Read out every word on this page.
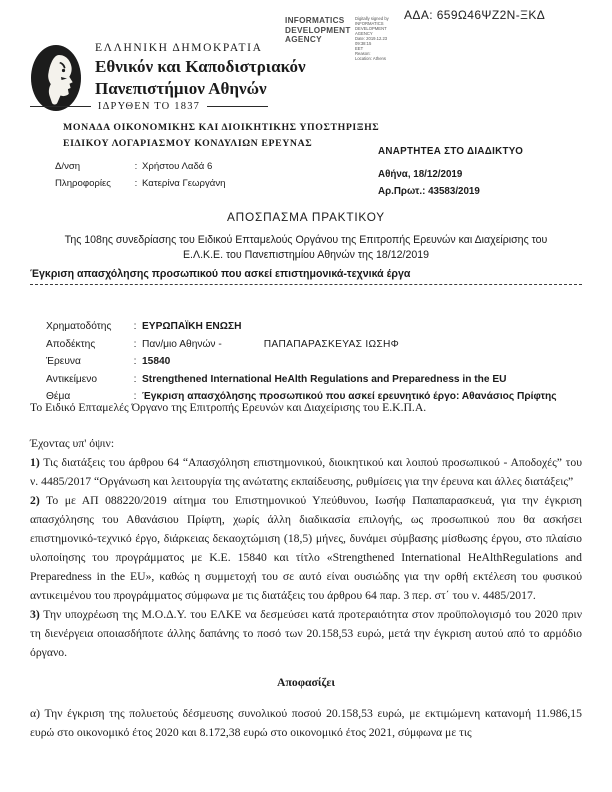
ΑΔΑ: 659Ω46ΨΖ2Ν-ΞΚΔ
INFORMATICS DEVELOPMENT AGENCY
Digitally signed by
INFORMATICS
DEVELOPMENT AGENCY
Date: 2019.12.23 09:38:15
EET
Reason:
Location: Athens
ΕΛΛΗΝΙΚΗ ΔΗΜΟΚΡΑΤΙΑ
Εθνικόν και Καποδιστριακόν
Πανεπιστήμιον Αθηνών
ΙΔΡΥΘΕΝ ΤΟ 1837
ΜΟΝΑΔΑ ΟΙΚΟΝΟΜΙΚΗΣ ΚΑΙ ΔΙΟΙΚΗΤΙΚΗΣ ΥΠΟΣΤΗΡΙΞΗΣ
ΕΙΔΙΚΟΥ ΛΟΓΑΡΙΑΣΜΟΥ ΚΟΝΔΥΛΙΩΝ ΕΡΕΥΝΑΣ
Δ/νση	: Χρήστου Λαδά 6
Πληροφορίες	: Κατερίνα Γεωργάνη
ΑΝΑΡΤΗΤΕΑ ΣΤΟ ΔΙΑΔΙΚΤΥΟ
Αθήνα, 18/12/2019
Αρ.Πρωτ.: 43583/2019
ΑΠΟΣΠΑΣΜΑ ΠΡΑΚΤΙΚΟΥ
Της 108ης συνεδρίασης του Ειδικού Επταμελούς Οργάνου της Επιτροπής Ερευνών και Διαχείρισης του Ε.Λ.Κ.Ε. του Πανεπιστημίου Αθηνών της 18/12/2019
Έγκριση απασχόλησης προσωπικού που ασκεί επιστημονικά-τεχνικά έργα
Χρηματοδότης	: ΕΥΡΩΠΑΪΚΗ ΕΝΩΣΗ
Αποδέκτης	: Παν/μιο Αθηνών -	ΠΑΠΑΠΑΡΑΣΚΕΥΑΣ ΙΩΣΗΦ
Έρευνα	: 15840
Αντικείμενο	: Strengthened International HeAlth Regulations and Preparedness in the EU
Θέμα	: Έγκριση απασχόλησης προσωπικού που ασκεί ερευνητικό έργο: Αθανάσιος Πρίφτης

Το Ειδικό Επταμελές Όργανο της Επιτροπής Ερευνών και Διαχείρισης του Ε.Κ.Π.Α.

Έχοντας υπ' όψιν:

1) Τις διατάξεις του άρθρου 64 “Απασχόληση επιστημονικού, διοικητικού και λοιπού προσωπικού - Αποδοχές” του ν. 4485/2017 “Οργάνωση και λειτουργία της ανώτατης εκπαίδευσης, ρυθμίσεις για την έρευνα και άλλες διατάξεις”

2) Το με ΑΠ 088220/2019 αίτημα του Επιστημονικού Υπεύθυνου, Ιωσήφ Παπαπαρασκευά, για την έγκριση απασχόλησης του Αθανάσιου Πρίφτη, χωρίς άλλη διαδικασία επιλογής, ως προσωπικού που θα ασκήσει επιστημονικό-τεχνικό έργο, διάρκειας δεκαοχτώμιση (18,5) μήνες, δυνάμει σύμβασης μίσθωσης έργου, στο πλαίσιο υλοποίησης του προγράμματος με Κ.Ε. 15840 και τίτλο «Strengthened International HeAlthRegulations and Preparedness in the EU», καθώς η συμμετοχή του σε αυτό είναι ουσιώδης για την ορθή εκτέλεση του φυσικού αντικειμένου του προγράμματος σύμφωνα με τις διατάξεις του άρθρου 64 παρ. 3 περ. στ΄ του ν. 4485/2017.

3) Την υποχρέωση της Μ.Ο.Δ.Υ. του ΕΛΚΕ να δεσμεύσει κατά προτεραιότητα στον προϋπολογισμό του 2020 πριν τη διενέργεια οποιασδήποτε άλλης δαπάνης το ποσό των 20.158,53 ευρώ, μετά την έγκριση αυτού από το αρμόδιο όργανο.

Αποφασίζει

α) Την έγκριση της πολυετούς δέσμευσης συνολικού ποσού 20.158,53 ευρώ, με εκτιμώμενη κατανομή 11.986,15 ευρώ στο οικονομικό έτος 2020 και 8.172,38 ευρώ στο οικονομικό έτος 2021, σύμφωνα με τις
